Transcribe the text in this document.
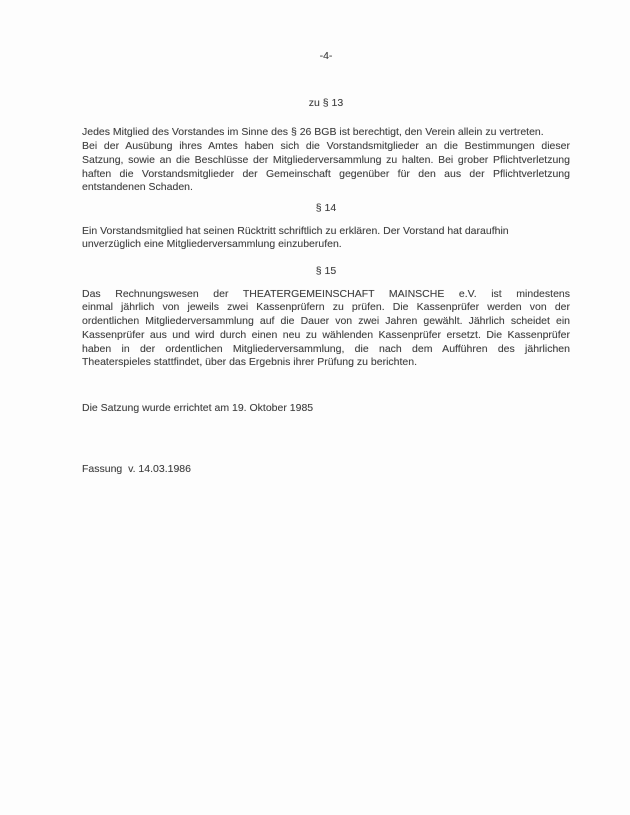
-4-
zu § 13
Jedes Mitglied des Vorstandes im Sinne des § 26 BGB ist berechtigt, den Verein allein zu vertreten.
Bei der Ausübung ihres Amtes haben sich die Vorstandsmitglieder an die Bestimmungen dieser
Satzung, sowie an die Beschlüsse der Mitgliederversammlung zu halten. Bei grober Pflichtverletzung
haften die Vorstandsmitglieder der Gemeinschaft gegenüber für den aus der Pflichtverletzung
entstandenen Schaden.
§ 14
Ein Vorstandsmitglied hat seinen Rücktritt schriftlich zu erklären. Der Vorstand hat daraufhin
unverzüglich eine Mitgliederversammlung einzuberufen.
§ 15
Das Rechnungswesen der THEATERGEMEINSCHAFT MAINSCHE e.V. ist mindestens
einmal jährlich von jeweils zwei Kassenprüfern zu prüfen. Die Kassenprüfer werden von der
ordentlichen Mitgliederversammlung auf die Dauer von zwei Jahren gewählt. Jährlich scheidet ein
Kassenprüfer aus und wird durch einen neu zu wählenden Kassenprüfer ersetzt. Die Kassenprüfer
haben in der ordentlichen Mitgliederversammlung, die nach dem Aufführen des jährlichen
Theaterspieles stattfindet, über das Ergebnis ihrer Prüfung zu berichten.
Die Satzung wurde errichtet am 19. Oktober 1985
Fassung  v. 14.03.1986
